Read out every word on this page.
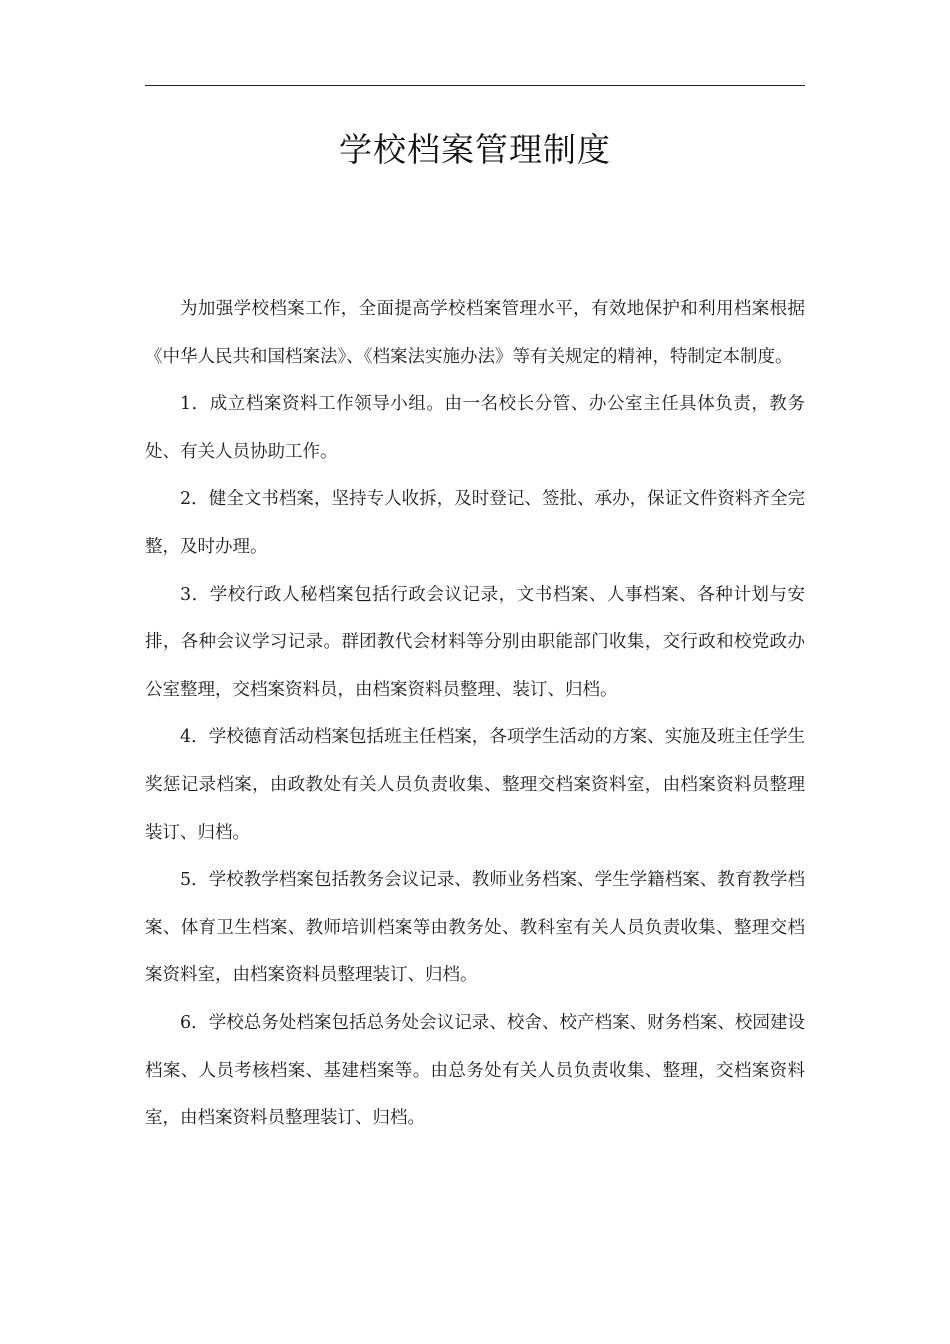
学校档案管理制度

为加强学校档案工作，全面提高学校档案管理水平，有效地保护和利用档案根据《中华人民共和国档案法》、《档案法实施办法》等有关规定的精神，特制定本制度。

1．成立档案资料工作领导小组。由一名校长分管、办公室主任具体负责，教务处、有关人员协助工作。

2．健全文书档案，坚持专人收拆，及时登记、签批、承办，保证文件资料齐全完整，及时办理。

3．学校行政人秘档案包括行政会议记录，文书档案、人事档案、各种计划与安排，各种会议学习记录。群团教代会材料等分别由职能部门收集，交行政和校党政办公室整理，交档案资料员，由档案资料员整理、装订、归档。

4．学校德育活动档案包括班主任档案，各项学生活动的方案、实施及班主任学生奖惩记录档案，由政教处有关人员负责收集、整理交档案资料室，由档案资料员整理装订、归档。

5．学校教学档案包括教务会议记录、教师业务档案、学生学籍档案、教育教学档案、体育卫生档案、教师培训档案等由教务处、教科室有关人员负责收集、整理交档案资料室，由档案资料员整理装订、归档。

6．学校总务处档案包括总务处会议记录、校舍、校产档案、财务档案、校园建设档案、人员考核档案、基建档案等。由总务处有关人员负责收集、整理，交档案资料室，由档案资料员整理装订、归档。
